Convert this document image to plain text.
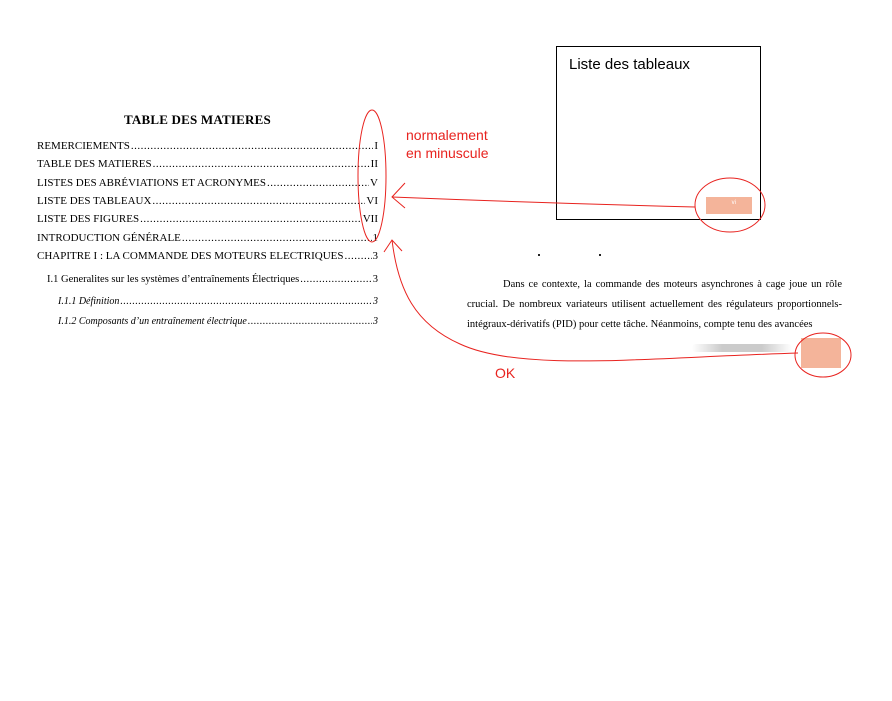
TABLE DES MATIERES
REMERCIEMENTS .....	I
TABLE DES MATIERES .....	II
LISTES DES ABRÉVIATIONS ET ACRONYMES .....	V
LISTE DES TABLEAUX .....	VI
LISTE DES FIGURES .....	VII
INTRODUCTION GÉNÉRALE .....	1
CHAPITRE I : LA COMMANDE DES MOTEURS ELECTRIQUES .....	3
I.1 Generalites sur les systèmes d’entraînements Électriques .....	3
I.1.1 Définition .....	3
I.1.2 Composants d’un entraînement électrique .....	3
Liste des tableaux
vi
Dans ce contexte, la commande des moteurs asynchrones à cage joue un rôle crucial. De nombreux variateurs utilisent actuellement des régulateurs proportionnels-intégraux-dérivatifs (PID) pour cette tâche. Néanmoins, compte tenu des avancées
1
normalement
en minuscule
OK
